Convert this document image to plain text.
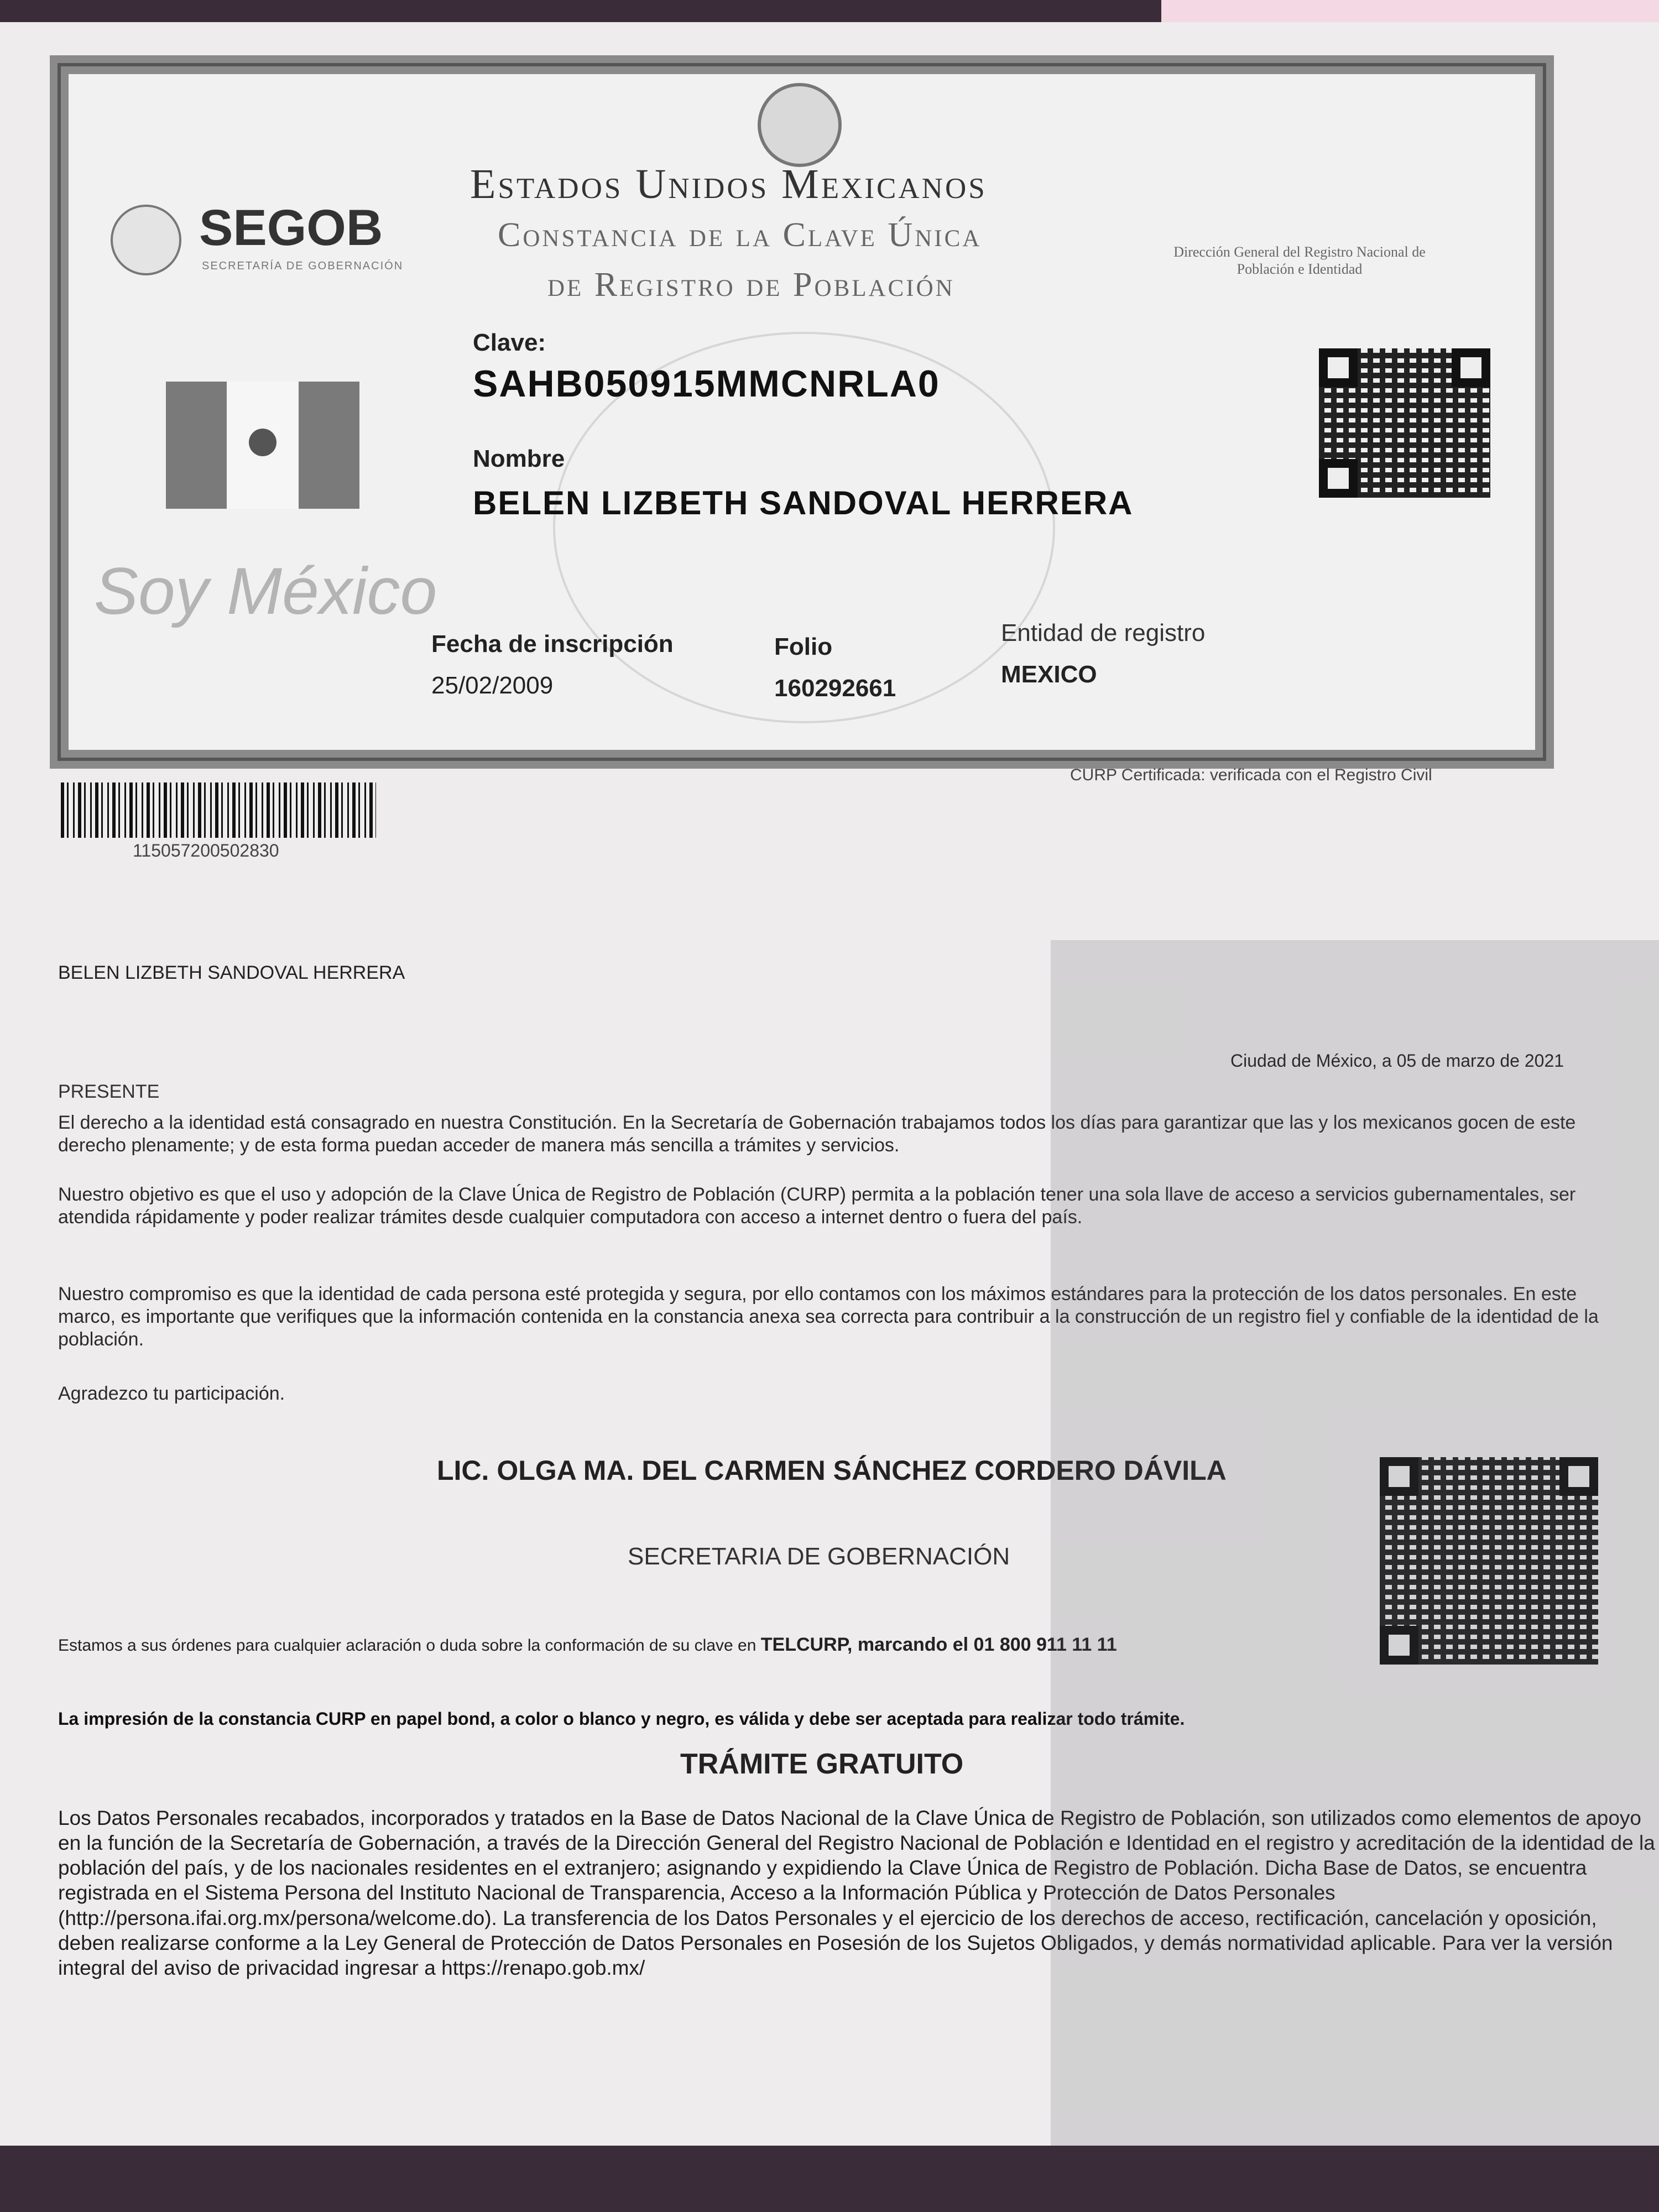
SEGOB
SECRETARÍA DE GOBERNACIÓN
Estados Unidos Mexicanos
Constancia de la Clave Única
de Registro de Población
Dirección General del Registro Nacional de Población e Identidad
Clave:
SAHB050915MMCNRLA0
Nombre
BELEN LIZBETH SANDOVAL HERRERA
Soy México
Fecha de inscripción
25/02/2009
Folio
160292661
Entidad de registro
MEXICO
115057200502830
CURP Certificada: verificada con el Registro Civil
BELEN LIZBETH SANDOVAL HERRERA
Ciudad de México, a 05 de marzo de 2021
PRESENTE
El derecho a la identidad está consagrado en nuestra Constitución. En la Secretaría de Gobernación trabajamos todos los días para garantizar que las y los mexicanos gocen de este derecho plenamente; y de esta forma puedan acceder de manera más sencilla a trámites y servicios.
Nuestro objetivo es que el uso y adopción de la Clave Única de Registro de Población (CURP) permita a la población tener una sola llave de acceso a servicios gubernamentales, ser atendida rápidamente y poder realizar trámites desde cualquier computadora con acceso a internet dentro o fuera del país.
Nuestro compromiso es que la identidad de cada persona esté protegida y segura, por ello contamos con los máximos estándares para la protección de los datos personales. En este marco, es importante que verifiques que la información contenida en la constancia anexa sea correcta para contribuir a la construcción de un registro fiel y confiable de la identidad de la población.
Agradezco tu participación.
LIC. OLGA MA. DEL CARMEN SÁNCHEZ CORDERO DÁVILA
SECRETARIA DE GOBERNACIÓN
Estamos a sus órdenes para cualquier aclaración o duda sobre la conformación de su clave en TELCURP, marcando el 01 800 911 11 11
La impresión de la constancia CURP en papel bond, a color o blanco y negro, es válida y debe ser aceptada para realizar todo trámite.
TRÁMITE GRATUITO
Los Datos Personales recabados, incorporados y tratados en la Base de Datos Nacional de la Clave Única de Registro de Población, son utilizados como elementos de apoyo en la función de la Secretaría de Gobernación, a través de la Dirección General del Registro Nacional de Población e Identidad en el registro y acreditación de la identidad de la población del país, y de los nacionales residentes en el extranjero; asignando y expidiendo la Clave Única de Registro de Población. Dicha Base de Datos, se encuentra registrada en el Sistema Persona del Instituto Nacional de Transparencia, Acceso a la Información Pública y Protección de Datos Personales (http://persona.ifai.org.mx/persona/welcome.do). La transferencia de los Datos Personales y el ejercicio de los derechos de acceso, rectificación, cancelación y oposición, deben realizarse conforme a la Ley General de Protección de Datos Personales en Posesión de los Sujetos Obligados, y demás normatividad aplicable. Para ver la versión integral del aviso de privacidad ingresar a https://renapo.gob.mx/
